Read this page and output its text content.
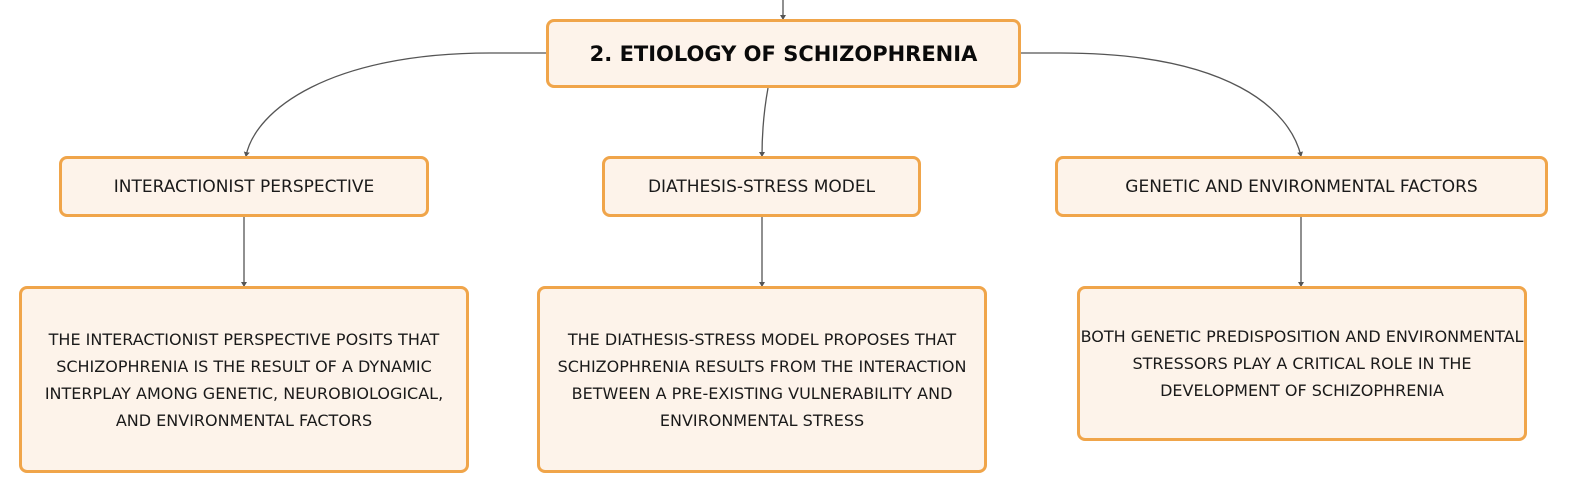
2. ETIOLOGY OF SCHIZOPHRENIA
INTERACTIONIST PERSPECTIVE	DIATHESIS-STRESS MODEL	GENETIC AND ENVIRONMENTAL FACTORS
THE INTERACTIONIST PERSPECTIVE POSITS THAT SCHIZOPHRENIA IS THE RESULT OF A DYNAMIC INTERPLAY AMONG GENETIC, NEUROBIOLOGICAL, AND ENVIRONMENTAL FACTORS
THE DIATHESIS-STRESS MODEL PROPOSES THAT SCHIZOPHRENIA RESULTS FROM THE INTERACTION BETWEEN A PRE-EXISTING VULNERABILITY AND ENVIRONMENTAL STRESS
BOTH GENETIC PREDISPOSITION AND ENVIRONMENTAL STRESSORS PLAY A CRITICAL ROLE IN THE DEVELOPMENT OF SCHIZOPHRENIA
